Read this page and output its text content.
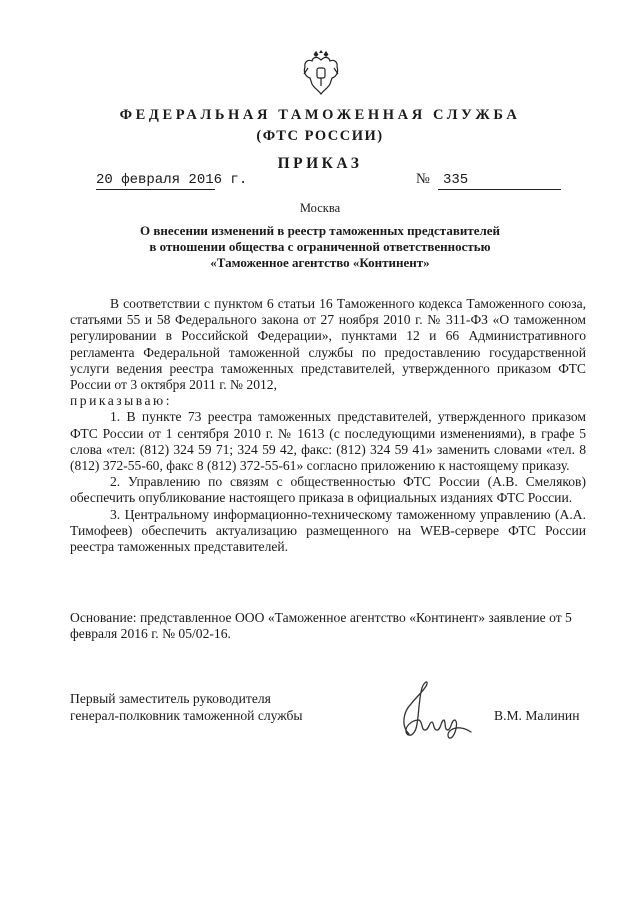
ФЕДЕРАЛЬНАЯ ТАМОЖЕННАЯ СЛУЖБА
(ФТС РОССИИ)
ПРИКАЗ
20 февраля 2016 г.	№ 335
Москва
О внесении изменений в реестр таможенных представителей
в отношении общества с ограниченной ответственностью
«Таможенное агентство «Континент»

В соответствии с пунктом 6 статьи 16 Таможенного кодекса Таможенного союза, статьями 55 и 58 Федерального закона от 27 ноября 2010 г. № 311-ФЗ «О таможенном регулировании в Российской Федерации», пунктами 12 и 66 Административного регламента Федеральной таможенной службы по предоставлению государственной услуги ведения реестра таможенных представителей, утвержденного приказом ФТС России от 3 октября 2011 г. № 2012,

приказываю:

1. В пункте 73 реестра таможенных представителей, утвержденного приказом ФТС России от 1 сентября 2010 г. № 1613 (с последующими изменениями), в графе 5 слова «тел: (812) 324 59 71; 324 59 42, факс: (812) 324 59 41» заменить словами «тел. 8 (812) 372-55-60, факс 8 (812) 372-55-61» согласно приложению к настоящему приказу.

2. Управлению по связям с общественностью ФТС России (А.В. Смеляков) обеспечить опубликование настоящего приказа в официальных изданиях ФТС России.

3. Центральному информационно-техническому таможенному управлению (А.А. Тимофеев) обеспечить актуализацию размещенного на WEB-сервере ФТС России реестра таможенных представителей.

Основание: представленное ООО «Таможенное агентство «Континент» заявление от 5 февраля 2016 г. № 05/02-16.
Первый заместитель руководителя
генерал-полковник таможенной службы	В.М. Малинин
